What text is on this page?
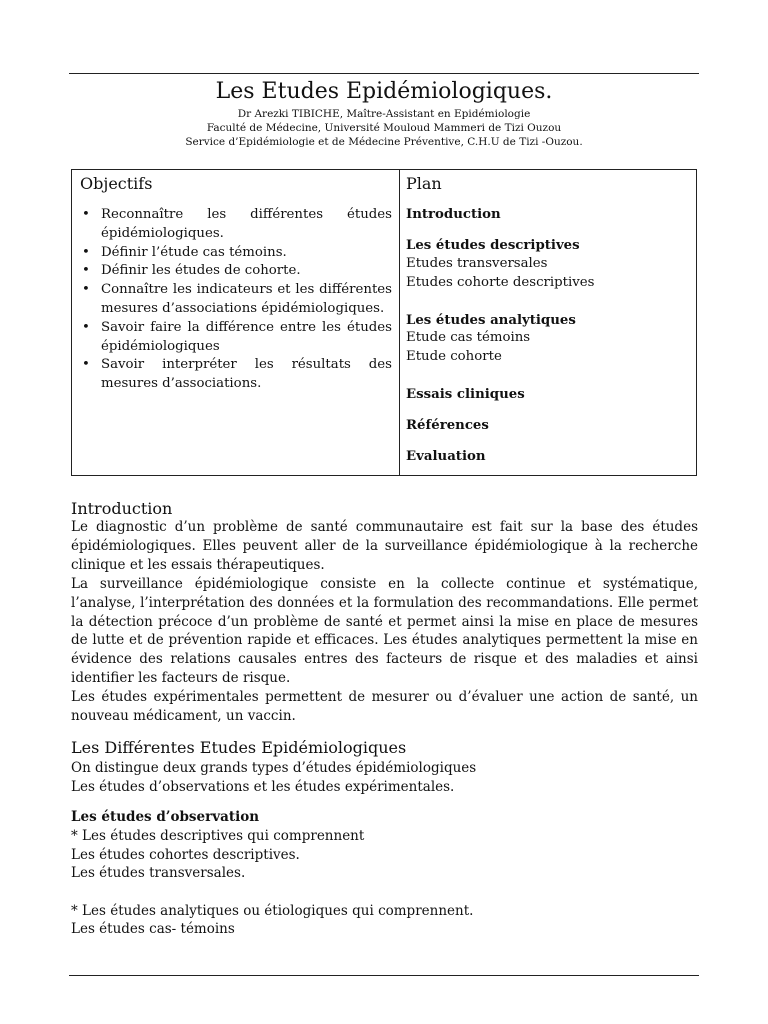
Les Etudes Epidémiologiques.
Dr Arezki TIBICHE, Maître-Assistant en Epidémiologie
Faculté de Médecine, Université Mouloud Mammeri de Tizi Ouzou
Service d’Epidémiologie et de Médecine Préventive, C.H.U de Tizi -Ouzou.
Objectifs
• Reconnaître les différentes études épidémiologiques.
• Définir l’étude cas témoins.
• Définir les études de cohorte.
• Connaître les indicateurs et les différentes mesures d’associations épidémiologiques.
• Savoir faire la différence entre les études épidémiologiques
• Savoir interpréter les résultats des mesures d’associations.
Plan
Introduction
Les études descriptives
Etudes transversales
Etudes cohorte descriptives
Les études analytiques
Etude cas témoins
Etude cohorte
Essais cliniques
Références
Evaluation
Introduction

Le diagnostic d’un problème de santé communautaire est fait sur la base des études épidémiologiques. Elles peuvent aller de la surveillance épidémiologique à la recherche clinique et les essais thérapeutiques.

La surveillance épidémiologique consiste en la collecte continue et systématique, l’analyse, l’interprétation des données et la formulation des recommandations. Elle permet la détection précoce d’un problème de santé et permet ainsi la mise en place de mesures de lutte et de prévention rapide et efficaces. Les études analytiques permettent la mise en évidence des relations causales entres des facteurs de risque et des maladies et ainsi identifier les facteurs de risque.

Les études expérimentales permettent de mesurer ou d’évaluer une action de santé, un nouveau médicament, un vaccin.

Les Différentes Etudes Epidémiologiques
On distingue deux grands types d’études épidémiologiques
Les études d’observations et les études expérimentales.
Les études d’observation
* Les études descriptives qui comprennent
Les études cohortes descriptives.
Les études transversales.
* Les études analytiques ou étiologiques qui comprennent.
Les études cas- témoins
